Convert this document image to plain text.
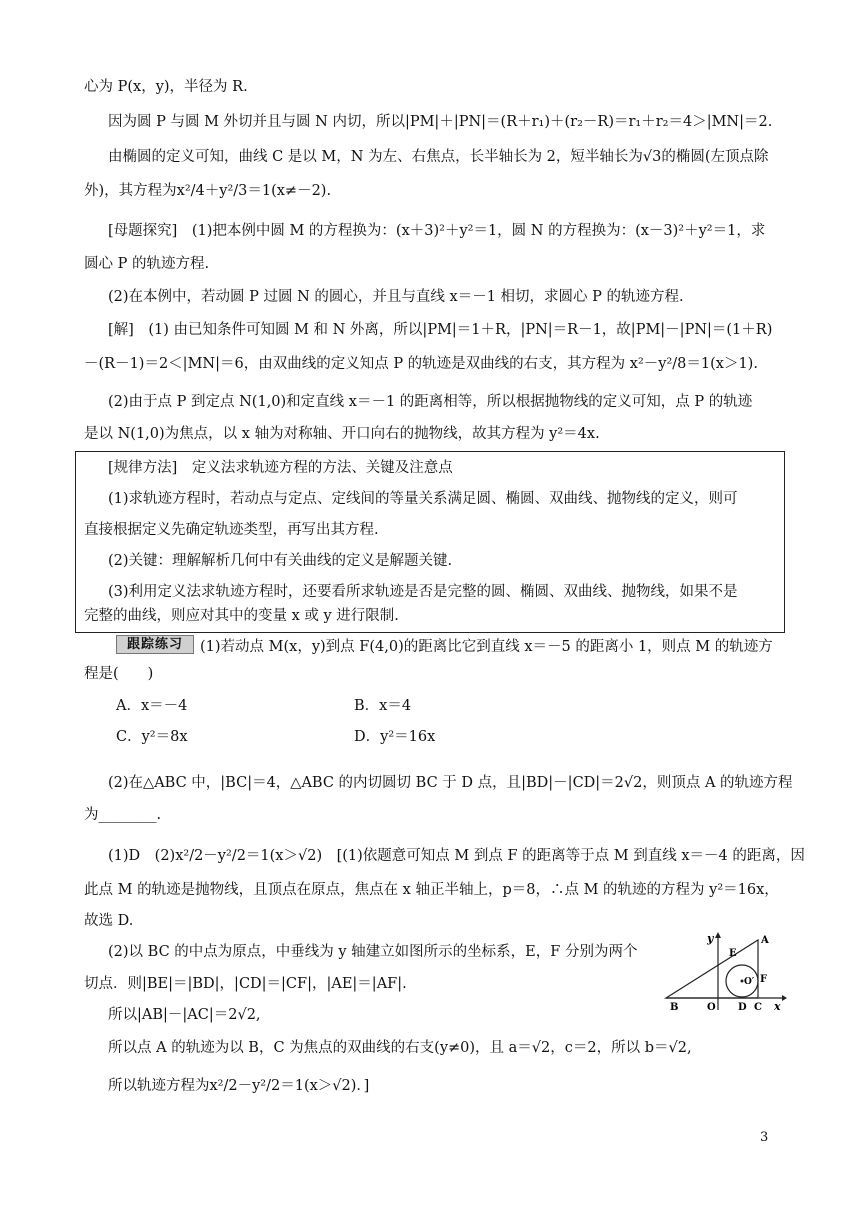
心为 P(x，y)，半径为 R.
因为圆 P 与圆 M 外切并且与圆 N 内切，所以|PM|＋|PN|＝(R＋r₁)＋(r₂－R)＝r₁＋r₂＝4＞|MN|＝2.
由椭圆的定义可知，曲线 C 是以 M，N 为左、右焦点，长半轴长为 2，短半轴长为√3的椭圆(左顶点除
外)，其方程为x²/4＋y²/3＝1(x≠－2).
[母题探究]　(1)把本例中圆 M 的方程换为：(x＋3)²＋y²＝1，圆 N 的方程换为：(x－3)²＋y²＝1，求
圆心 P 的轨迹方程.
(2)在本例中，若动圆 P 过圆 N 的圆心，并且与直线 x＝－1 相切，求圆心 P 的轨迹方程.
[解]　(1) 由已知条件可知圆 M 和 N 外离，所以|PM|＝1＋R，|PN|＝R－1，故|PM|－|PN|＝(1＋R)
－(R－1)＝2＜|MN|＝6，由双曲线的定义知点 P 的轨迹是双曲线的右支，其方程为 x²－y²/8＝1(x＞1).
(2)由于点 P 到定点 N(1,0)和定直线 x＝－1 的距离相等，所以根据抛物线的定义可知，点 P 的轨迹
是以 N(1,0)为焦点，以 x 轴为对称轴、开口向右的抛物线，故其方程为 y²＝4x.
[规律方法]　定义法求轨迹方程的方法、关键及注意点
(1)求轨迹方程时，若动点与定点、定线间的等量关系满足圆、椭圆、双曲线、抛物线的定义，则可
直接根据定义先确定轨迹类型，再写出其方程.
(2)关键：理解解析几何中有关曲线的定义是解题关键.
(3)利用定义法求轨迹方程时，还要看所求轨迹是否是完整的圆、椭圆、双曲线、抛物线，如果不是
完整的曲线，则应对其中的变量 x 或 y 进行限制.
跟踪练习	(1)若动点 M(x，y)到点 F(4,0)的距离比它到直线 x＝－5 的距离小 1，则点 M 的轨迹方
程是(　　)
A．x＝－4	B．x＝4
C．y²＝8x	D．y²＝16x
(2)在△ABC 中，|BC|＝4，△ABC 的内切圆切 BC 于 D 点，且|BD|－|CD|＝2√2，则顶点 A 的轨迹方程
为________.
(1)D　(2)x²/2－y²/2＝1(x＞√2)　[(1)依题意可知点 M 到点 F 的距离等于点 M 到直线 x＝－4 的距离，因
此点 M 的轨迹是抛物线，且顶点在原点，焦点在 x 轴正半轴上，p＝8，∴点 M 的轨迹的方程为 y²＝16x，
故选 D.
(2)以 BC 的中点为原点，中垂线为 y 轴建立如图所示的坐标系，E，F 分别为两个
切点．则|BE|＝|BD|，|CD|＝|CF|，|AE|＝|AF|.
所以|AB|－|AC|＝2√2,
所以点 A 的轨迹为以 B，C 为焦点的双曲线的右支(y≠0)，且 a＝√2，c＝2，所以 b＝√2,
所以轨迹方程为x²/2－y²/2＝1(x＞√2)．]
y	A
E
F
O′
B	O D C x
3
